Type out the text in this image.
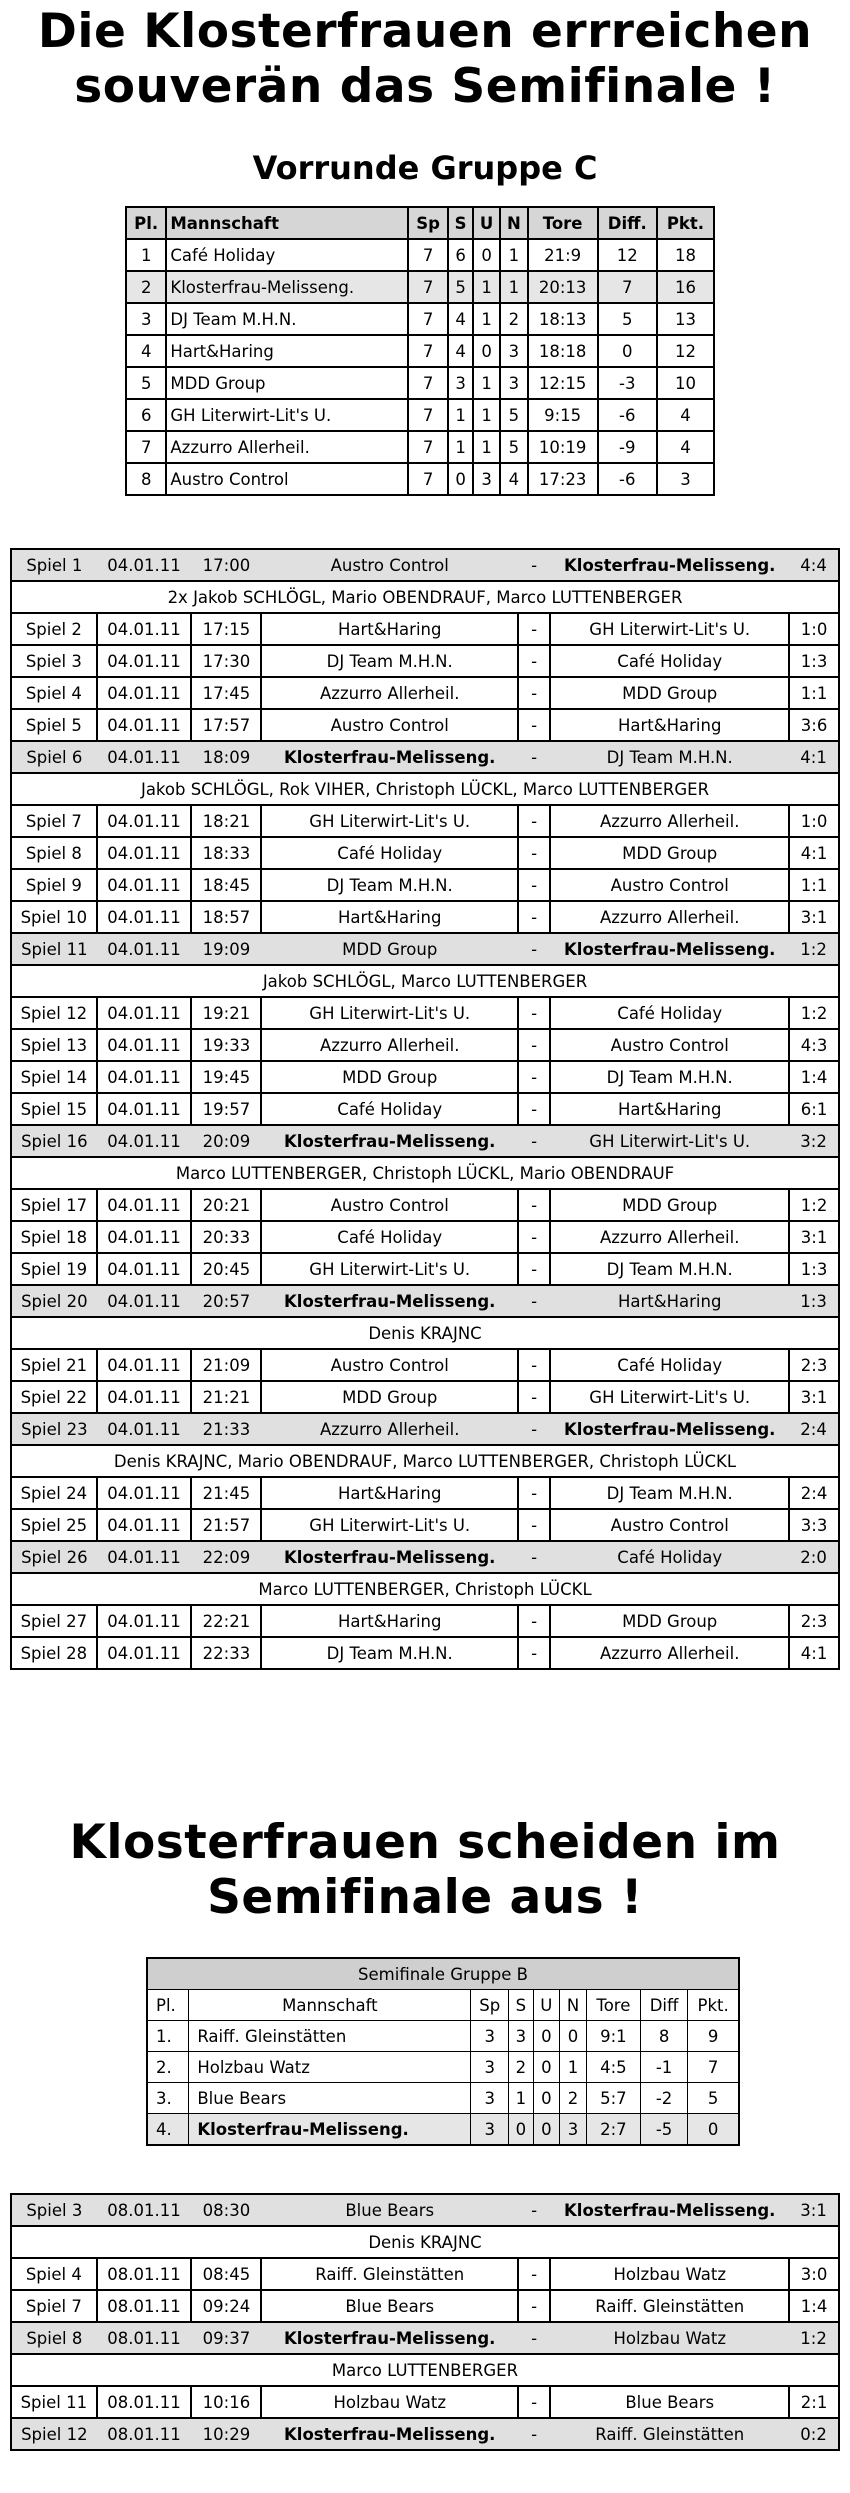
Die Klosterfrauen errreichen souverän das Semifinale !
Vorrunde Gruppe C
Pl.	Mannschaft	Sp	S	U	N	Tore	Diff.	Pkt.
1	Café Holiday	7	6	0	1	21:9	12	18
2	Klosterfrau-Melisseng.	7	5	1	1	20:13	7	16
3	DJ Team M.H.N.	7	4	1	2	18:13	5	13
4	Hart&Haring	7	4	0	3	18:18	0	12
5	MDD Group	7	3	1	3	12:15	-3	10
6	GH Literwirt-Lit's U.	7	1	1	5	9:15	-6	4
7	Azzurro Allerheil.	7	1	1	5	10:19	-9	4
8	Austro Control	7	0	3	4	17:23	-6	3
Spiel 1	04.01.11	17:00	Austro Control	-	Klosterfrau-Melisseng.	4:4
2x Jakob SCHLÖGL, Mario OBENDRAUF, Marco LUTTENBERGER						
Spiel 2	04.01.11	17:15	Hart&Haring	-	GH Literwirt-Lit's U.	1:0
Spiel 3	04.01.11	17:30	DJ Team M.H.N.	-	Café Holiday	1:3
Spiel 4	04.01.11	17:45	Azzurro Allerheil.	-	MDD Group	1:1
Spiel 5	04.01.11	17:57	Austro Control	-	Hart&Haring	3:6
Spiel 6	04.01.11	18:09	Klosterfrau-Melisseng.	-	DJ Team M.H.N.	4:1
Jakob SCHLÖGL, Rok VIHER, Christoph LÜCKL, Marco LUTTENBERGER						
Spiel 7	04.01.11	18:21	GH Literwirt-Lit's U.	-	Azzurro Allerheil.	1:0
Spiel 8	04.01.11	18:33	Café Holiday	-	MDD Group	4:1
Spiel 9	04.01.11	18:45	DJ Team M.H.N.	-	Austro Control	1:1
Spiel 10	04.01.11	18:57	Hart&Haring	-	Azzurro Allerheil.	3:1
Spiel 11	04.01.11	19:09	MDD Group	-	Klosterfrau-Melisseng.	1:2
Jakob SCHLÖGL, Marco LUTTENBERGER						
Spiel 12	04.01.11	19:21	GH Literwirt-Lit's U.	-	Café Holiday	1:2
Spiel 13	04.01.11	19:33	Azzurro Allerheil.	-	Austro Control	4:3
Spiel 14	04.01.11	19:45	MDD Group	-	DJ Team M.H.N.	1:4
Spiel 15	04.01.11	19:57	Café Holiday	-	Hart&Haring	6:1
Spiel 16	04.01.11	20:09	Klosterfrau-Melisseng.	-	GH Literwirt-Lit's U.	3:2
Marco LUTTENBERGER, Christoph LÜCKL, Mario OBENDRAUF						
Spiel 17	04.01.11	20:21	Austro Control	-	MDD Group	1:2
Spiel 18	04.01.11	20:33	Café Holiday	-	Azzurro Allerheil.	3:1
Spiel 19	04.01.11	20:45	GH Literwirt-Lit's U.	-	DJ Team M.H.N.	1:3
Spiel 20	04.01.11	20:57	Klosterfrau-Melisseng.	-	Hart&Haring	1:3
Denis KRAJNC						
Spiel 21	04.01.11	21:09	Austro Control	-	Café Holiday	2:3
Spiel 22	04.01.11	21:21	MDD Group	-	GH Literwirt-Lit's U.	3:1
Spiel 23	04.01.11	21:33	Azzurro Allerheil.	-	Klosterfrau-Melisseng.	2:4
Denis KRAJNC, Mario OBENDRAUF, Marco LUTTENBERGER, Christoph LÜCKL						
Spiel 24	04.01.11	21:45	Hart&Haring	-	DJ Team M.H.N.	2:4
Spiel 25	04.01.11	21:57	GH Literwirt-Lit's U.	-	Austro Control	3:3
Spiel 26	04.01.11	22:09	Klosterfrau-Melisseng.	-	Café Holiday	2:0
Marco LUTTENBERGER, Christoph LÜCKL						
Spiel 27	04.01.11	22:21	Hart&Haring	-	MDD Group	2:3
Spiel 28	04.01.11	22:33	DJ Team M.H.N.	-	Azzurro Allerheil.	4:1
Klosterfrauen scheiden im Semifinale aus !
Semifinale Gruppe B								
Pl.	Mannschaft	Sp	S	U	N	Tore	Diff	Pkt.
1.	Raiff. Gleinstätten	3	3	0	0	9:1	8	9
2.	Holzbau Watz	3	2	0	1	4:5	-1	7
3.	Blue Bears	3	1	0	2	5:7	-2	5
4.	Klosterfrau-Melisseng.	3	0	0	3	2:7	-5	0
Spiel 3	08.01.11	08:30	Blue Bears	-	Klosterfrau-Melisseng.	3:1
Denis KRAJNC						
Spiel 4	08.01.11	08:45	Raiff. Gleinstätten	-	Holzbau Watz	3:0
Spiel 7	08.01.11	09:24	Blue Bears	-	Raiff. Gleinstätten	1:4
Spiel 8	08.01.11	09:37	Klosterfrau-Melisseng.	-	Holzbau Watz	1:2
Marco LUTTENBERGER						
Spiel 11	08.01.11	10:16	Holzbau Watz	-	Blue Bears	2:1
Spiel 12	08.01.11	10:29	Klosterfrau-Melisseng.	-	Raiff. Gleinstätten	0:2
